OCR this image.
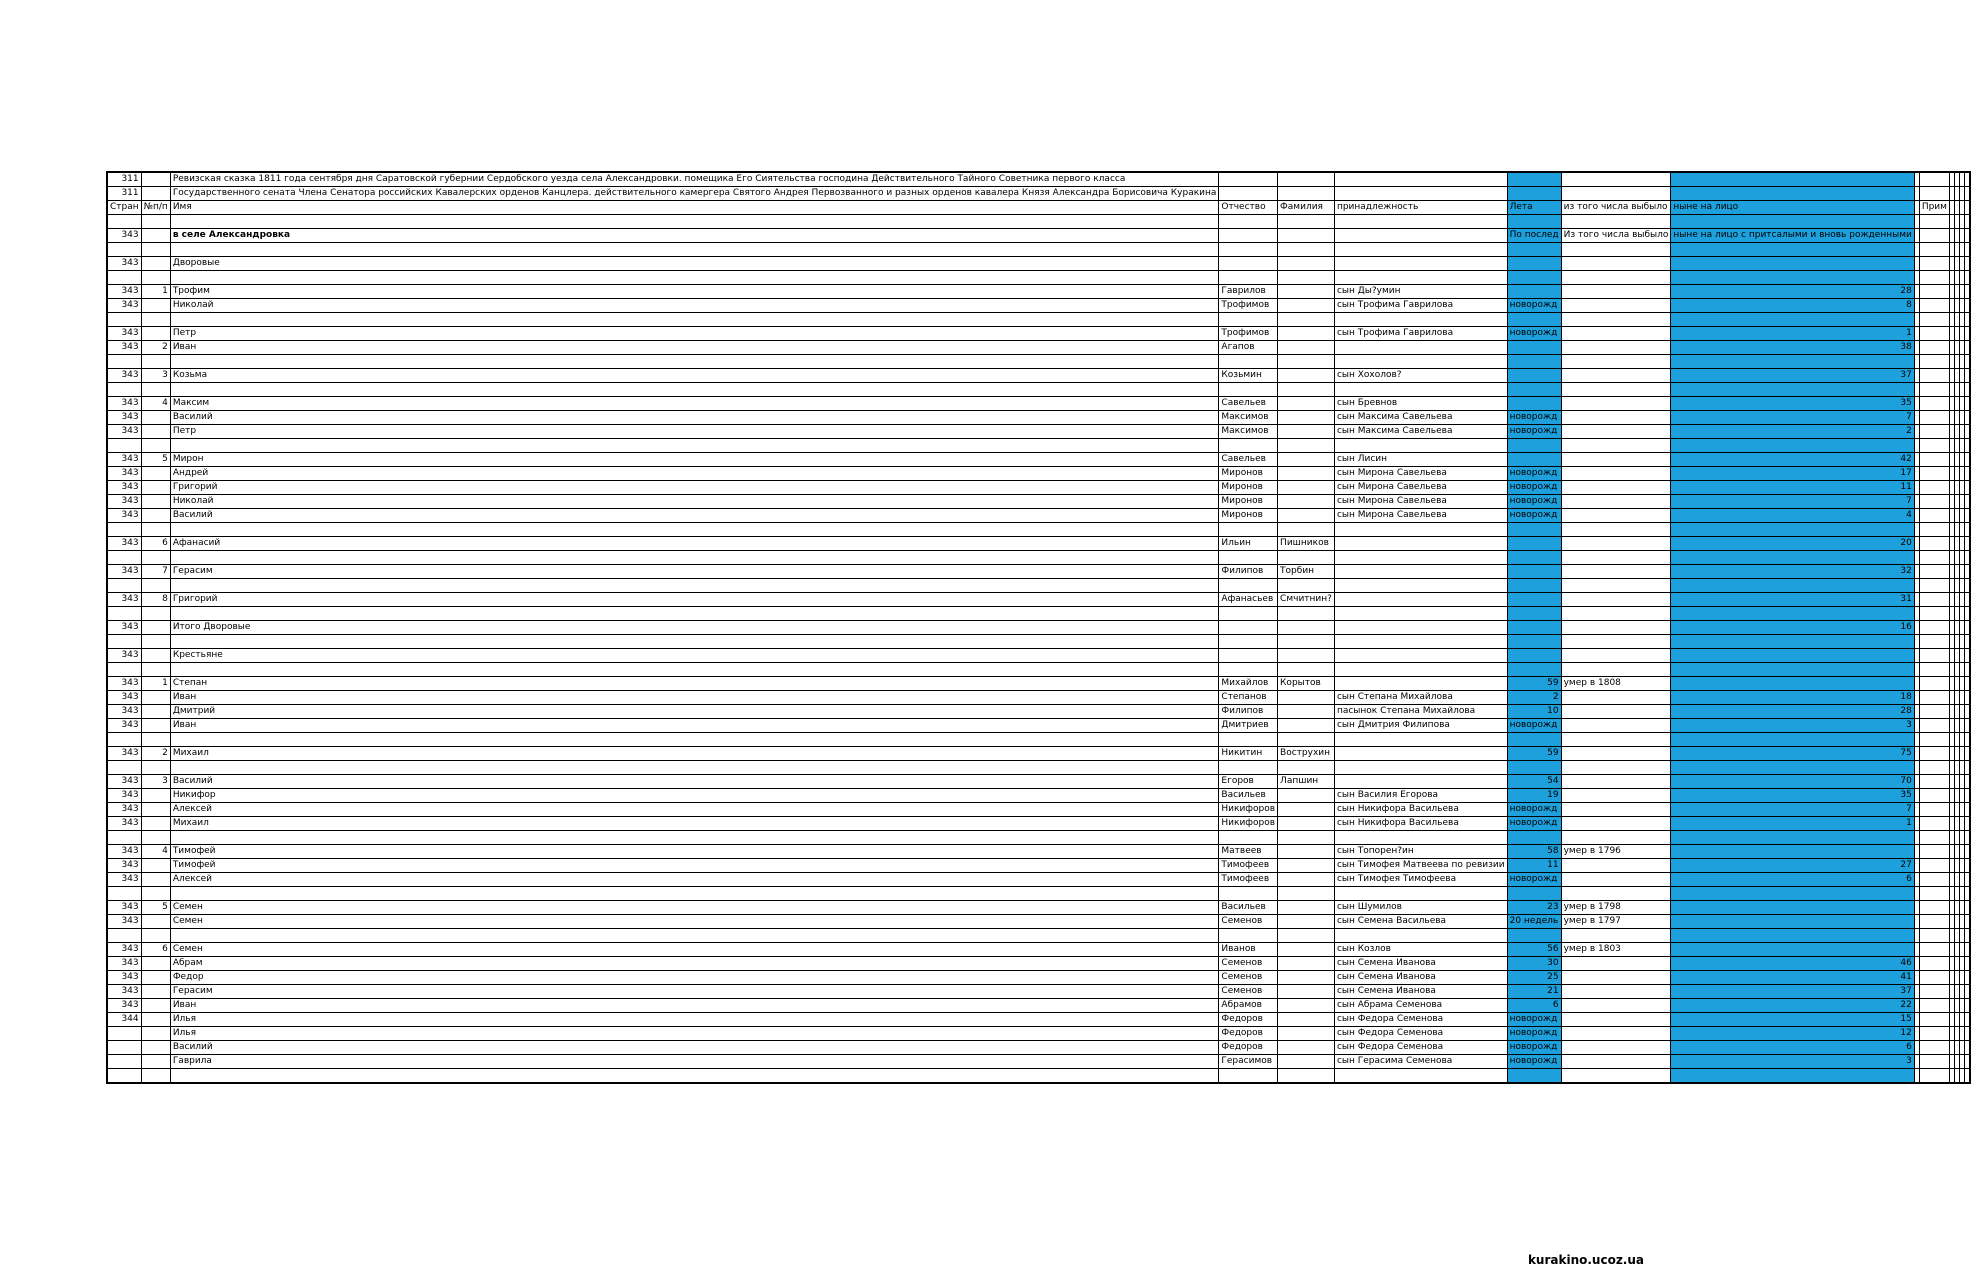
311		Ревизская сказка 1811 года сентября дня Саратовской губернии Сердобского уезда села Александровки. помещика Его Сиятельства господина Действительного Тайного Советника первого класса												
311		Государственного сената Члена Сенатора российских Кавалерских орденов Канцлера. действительного камергера Святого Андрея Первозванного и разных орденов кавалера Князя Александра Борисовича Куракина												
Стран	№п/п	Имя	Отчество	Фамилия	принадлежность	Лета	из того числа выбыло	ныне на лицо		Прим				

343		в селе Александровка				По послед	Из того числа выбыло	ныне на лицо с притсалыми и вновь рожденными						

343		Дворовые												

343	1	Трофим	Гаврилов		сын Ды?умин			28						
343		Николай	Трофимов		сын Трофима Гаврилова	новорожд		8						

343		Петр	Трофимов		сын Трофима Гаврилова	новорожд		1						
343	2	Иван	Агапов					38						

343	3	Козьма	Козьмин		сын Хохолов?			37						

343	4	Максим	Савельев		сын Бревнов			35						
343		Василий	Максимов		сын Максима Савельева	новорожд		7						
343		Петр	Максимов		сын Максима Савельева	новорожд		2						

343	5	Мирон	Савельев		сын Лисин			42						
343		Андрей	Миронов		сын Мирона Савельева	новорожд		17						
343		Григорий	Миронов		сын Мирона Савельева	новорожд		11						
343		Николай	Миронов		сын Мирона Савельева	новорожд		7						
343		Василий	Миронов		сын Мирона Савельева	новорожд		4						

343	6	Афанасий	Ильин	Пишников				20						

343	7	Герасим	Филипов	Торбин				32						

343	8	Григорий	Афанасьев	Смчитнин?				31						

343		Итого Дворовые						16						

343		Крестьяне												

343	1	Степан	Михайлов	Корытов		59	умер в 1808							
343		Иван	Степанов		сын Степана Михайлова	2		18						
343		Дмитрий	Филипов		пасынок Степана Михайлова	10		28						
343		Иван	Дмитриев		сын Дмитрия Филипова	новорожд		3						

343	2	Михаил	Никитин	Вострухин		59		75						

343	3	Василий	Егоров	Лапшин		54		70						
343		Никифор	Васильев		сын Василия Егорова	19		35						
343		Алексей	Никифоров		сын Никифора Васильева	новорожд		7						
343		Михаил	Никифоров		сын Никифора Васильева	новорожд		1						

343	4	Тимофей	Матвеев		сын Топорен?ин	58	умер в 1796							
343		Тимофей	Тимофеев		сын Тимофея Матвеева по ревизии	11		27						
343		Алексей	Тимофеев		сын Тимофея Тимофеева	новорожд		6						

343	5	Семен	Васильев		сын Шумилов	23	умер в 1798							
343		Семен	Семенов		сын Семена Васильева	20 недель	умер в 1797							

343	6	Семен	Иванов		сын Козлов	56	умер в 1803							
343		Абрам	Семенов		сын Семена Иванова	30		46						
343		Федор	Семенов		сын Семена Иванова	25		41						
343		Герасим	Семенов		сын Семена Иванова	21		37						
343		Иван	Абрамов		сын Абрама Семенова	6		22						
344		Илья	Федоров		сын Федора Семенова	новорожд		15						
		Илья	Федоров		сын Федора Семенова	новорожд		12						
		Василий	Федоров		сын Федора Семенова	новорожд		6						
		Гаврила	Герасимов		сын Герасима Семенова	новорожд		3						

kurakino.ucoz.ua
